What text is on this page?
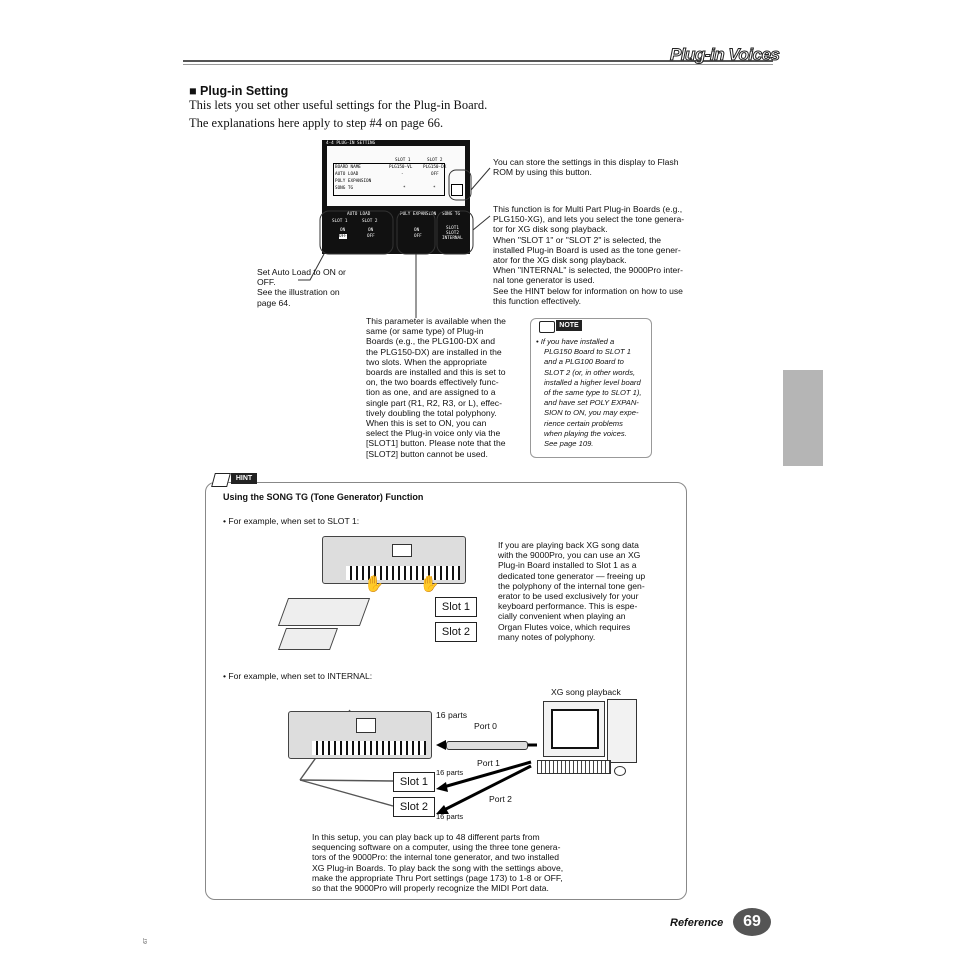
Plug-in Voices
■ Plug-in Setting
This lets you set other useful settings for the Plug-in Board.
The explanations here apply to step #4 on page 66.
4-4 PLUG-IN SETTING
SLOT 1	SLOT 2
BOARD NAME	PLG150-VL PLG150-DX
AUTO LOAD	-	OFF
POLY EXPANSION
SONG TG	*	*
AUTO LOAD	POLY EXPANSION SONG TG
SLOT 1	SLOT 2
ON	ON
OFF	OFF
ON
OFF
SLOT1
SLOT2
INTERNAL
You can store the settings in this display to Flash ROM by using this button.
This function is for Multi Part Plug-in Boards (e.g.,
PLG150-XG), and lets you select the tone genera-
tor for XG disk song playback.
When "SLOT 1" or "SLOT 2" is selected, the
installed Plug-in Board is used as the tone gener-
ator for the XG disk song playback.
When "INTERNAL" is selected, the 9000Pro inter-
nal tone generator is used.
See the HINT below for information on how to use
this function effectively.
Set Auto Load to ON or
OFF.
See the illustration on
page 64.
This parameter is available when the
same (or same type) of Plug-in
Boards (e.g., the PLG100-DX and
the PLG150-DX) are installed in the
two slots. When the appropriate
boards are installed and this is set to
on, the two boards effectively func-
tion as one, and are assigned to a
single part (R1, R2, R3, or L), effec-
tively doubling the total polyphony.
When this is set to ON, you can
select the Plug-in voice only via the
[SLOT1] button. Please note that the
[SLOT2] button cannot be used.
NOTE
• If you have installed a
PLG150 Board to SLOT 1
and a PLG100 Board to
SLOT 2 (or, in other words,
installed a higher level board
of the same type to SLOT 1),
and have set POLY EXPAN-
SION to ON, you may expe-
rience certain problems
when playing the voices.
See page 109.
HINT
Using the SONG TG (Tone Generator) Function
• For example, when set to SLOT 1:
✋        ✋
Slot 1
Slot 2
If you are playing back XG song data
with the 9000Pro, you can use an XG
Plug-in Board installed to Slot 1 as a
dedicated tone generator — freeing up
the polyphony of the internal tone gen-
erator to be used exclusively for your
keyboard performance. This is espe-
cially convenient when playing an
Organ Flutes voice, which requires
many notes of polyphony.
• For example, when set to INTERNAL:
XG song playback
16 parts
Port 0
Port 1
16 parts
Port 2
16 parts
Slot 1
Slot 2
In this setup, you can play back up to 48 different parts from
sequencing software on a computer, using the three tone genera-
tors of the 9000Pro: the internal tone generator, and two installed
XG Plug-in Boards. To play back the song with the settings above,
make the appropriate Thru Port settings (page 173) to 1-8 or OFF,
so that the 9000Pro will properly recognize the MIDI Port data.
Reference	69
67
